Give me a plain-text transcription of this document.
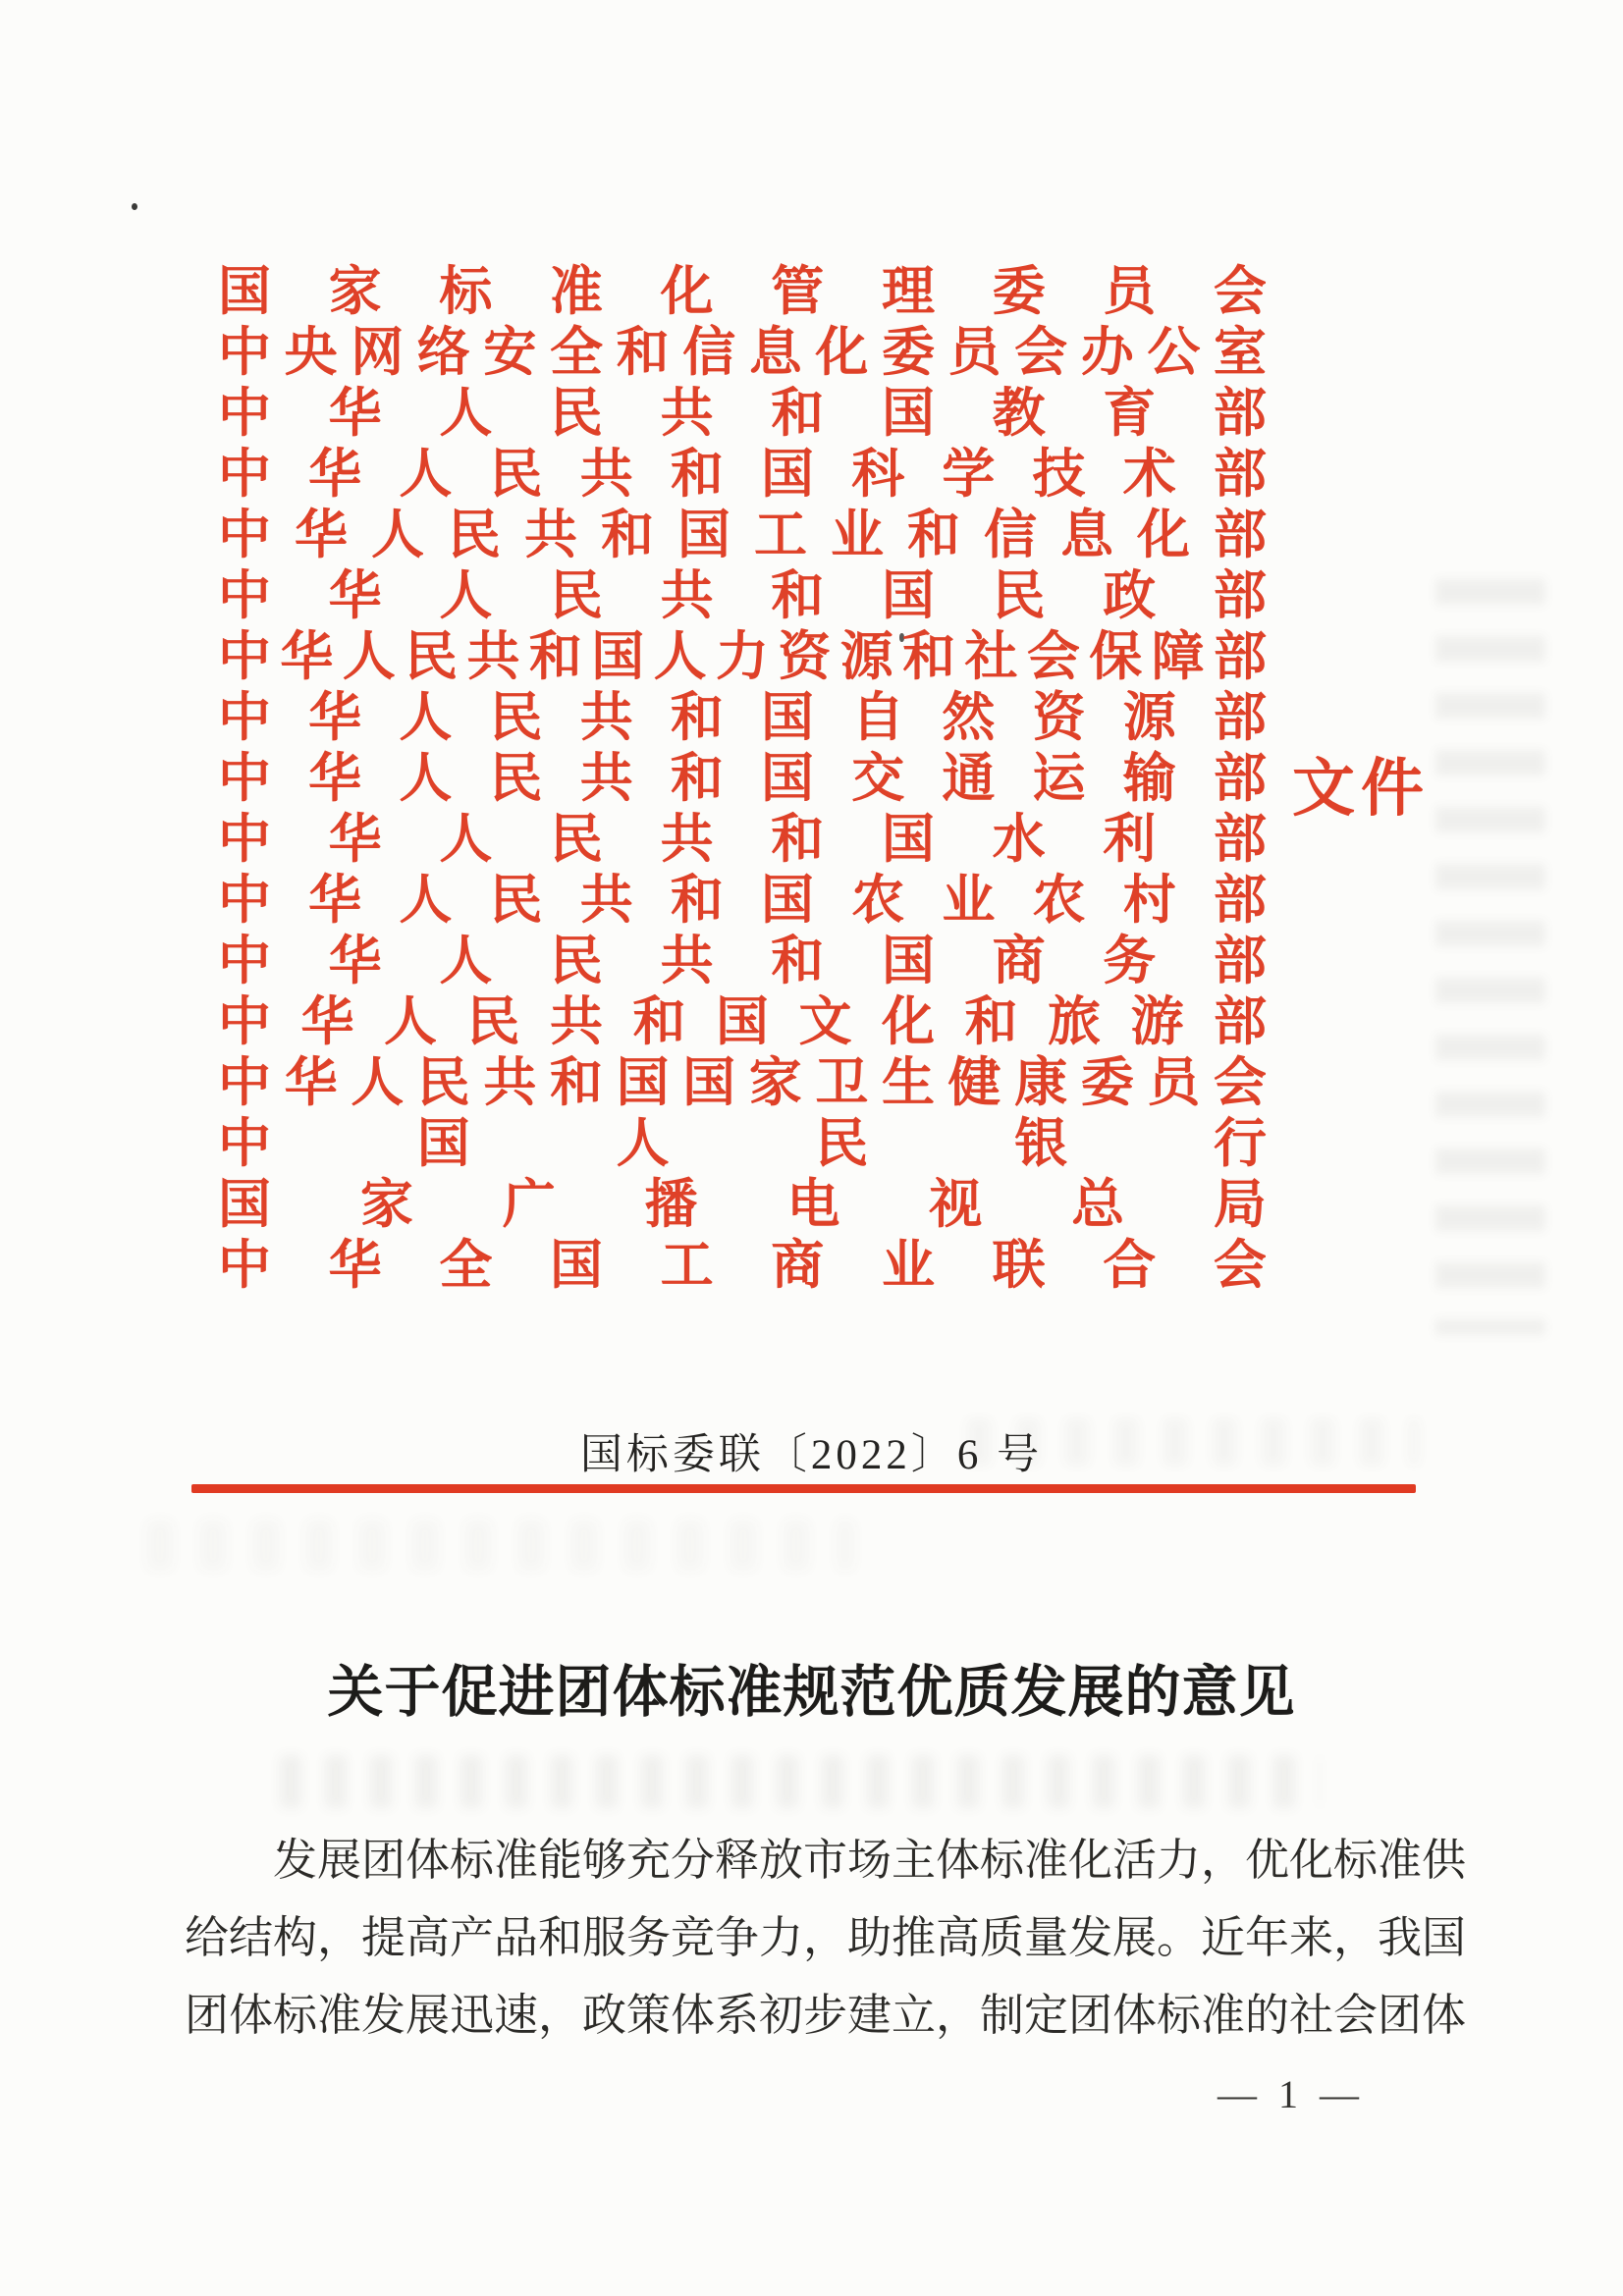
国 家 标 准 化 管 理 委 员 会
中 央 网 络 安 全 和 信 息 化 委 员 会 办 公 室
中 华 人 民 共 和 国 教 育 部
中 华 人 民 共 和 国 科 学 技 术 部
中 华 人 民 共 和 国 工 业 和 信 息 化 部
中 华 人 民 共 和 国 民 政 部
中 华 人 民 共 和 国 人 力 资 源 和 社 会 保 障 部
中 华 人 民 共 和 国 自 然 资 源 部
中 华 人 民 共 和 国 交 通 运 输 部
中 华 人 民 共 和 国 水 利 部
中 华 人 民 共 和 国 农 业 农 村 部
中 华 人 民 共 和 国 商 务 部
中 华 人 民 共 和 国 文 化 和 旅 游 部
中 华 人 民 共 和 国 国 家 卫 生 健 康 委 员 会
中	国	人	民	银	行
国 家 广 播 电 视 总 局
中 华 全 国 工 商 业 联 合 会
文件
国标委联〔2022〕6 号
关于促进团体标准规范优质发展的意见
发展团体标准能够充分释放市场主体标准化活力，优化标准供
给结构，提高产品和服务竞争力，助推高质量发展。近年来，我国
团体标准发展迅速，政策体系初步建立，制定团体标准的社会团体
— 1 —
